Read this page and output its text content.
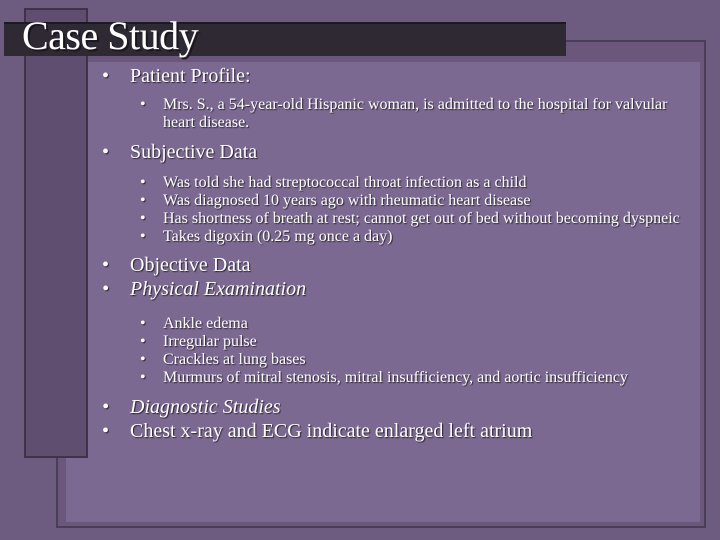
Case Study
• Patient Profile:
• Mrs. S., a 54-year-old Hispanic woman, is admitted to the hospital for valvular heart disease.
• Subjective Data
• Was told she had streptococcal throat infection as a child
• Was diagnosed 10 years ago with rheumatic heart disease
• Has shortness of breath at rest; cannot get out of bed without becoming dyspneic
• Takes digoxin (0.25 mg once a day)
• Objective Data
• Physical Examination
• Ankle edema
• Irregular pulse
• Crackles at lung bases
• Murmurs of mitral stenosis, mitral insufficiency, and aortic insufficiency
• Diagnostic Studies
• Chest x-ray and ECG indicate enlarged left atrium
